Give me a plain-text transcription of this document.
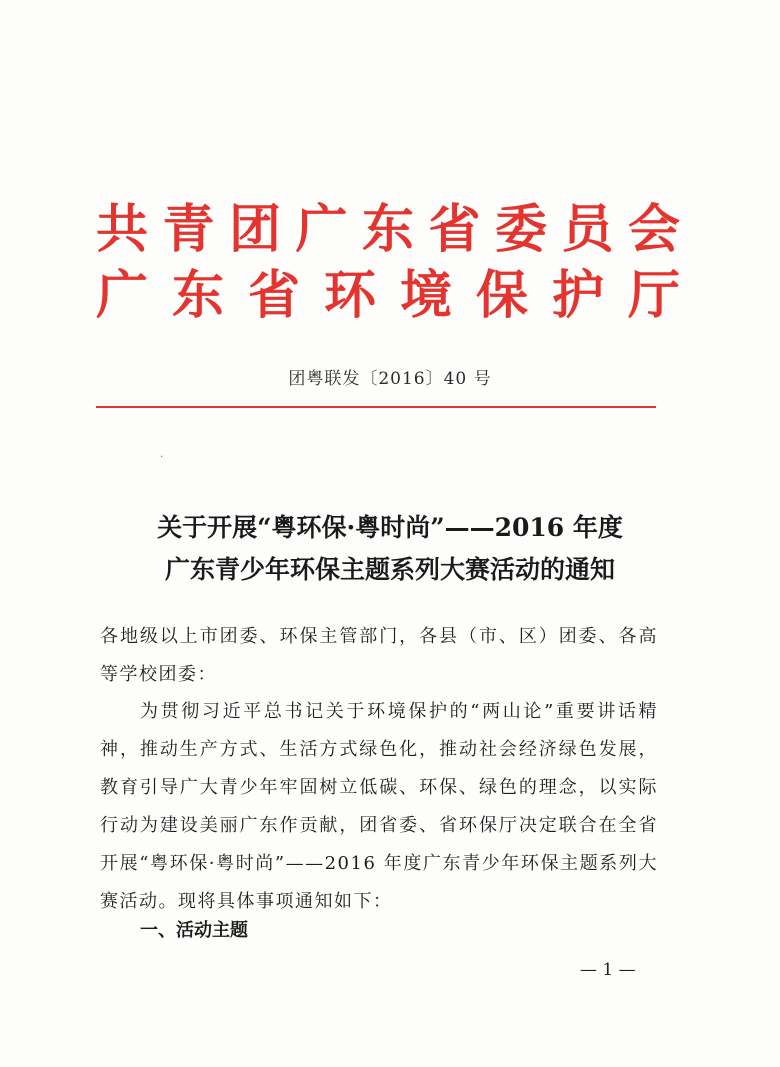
共青团广东省委员会
广东省环境保护厅
团粤联发〔2016〕40 号
·
关于开展“粤环保·粤时尚”——2016 年度
广东青少年环保主题系列大赛活动的通知
各地级以上市团委、环保主管部门，各县（市、区）团委、各高等学校团委：
为贯彻习近平总书记关于环境保护的“两山论”重要讲话精神，推动生产方式、生活方式绿色化，推动社会经济绿色发展，教育引导广大青少年牢固树立低碳、环保、绿色的理念，以实际行动为建设美丽广东作贡献，团省委、省环保厅决定联合在全省开展“粤环保·粤时尚”——2016 年度广东青少年环保主题系列大赛活动。现将具体事项通知如下：
一、活动主题
— 1 —
